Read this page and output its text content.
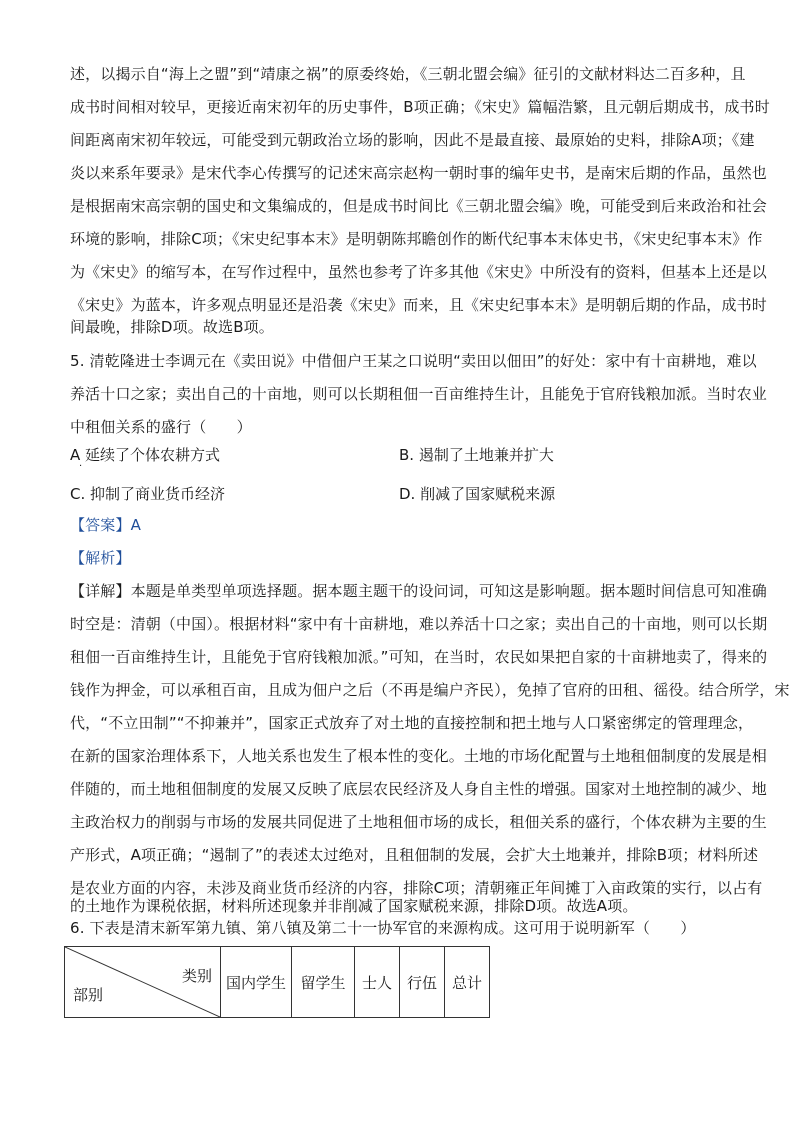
述，以揭示自“海上之盟”到“靖康之祸”的原委终始，《三朝北盟会编》征引的文献材料达二百多种，且
成书时间相对较早，更接近南宋初年的历史事件，B项正确；《宋史》篇幅浩繁，且元朝后期成书，成书时
间距离南宋初年较远，可能受到元朝政治立场的影响，因此不是最直接、最原始的史料，排除A项；《建
炎以来系年要录》是宋代李心传撰写的记述宋高宗赵构一朝时事的编年史书，是南宋后期的作品，虽然也
是根据南宋高宗朝的国史和文集编成的，但是成书时间比《三朝北盟会编》晚，可能受到后来政治和社会
环境的影响，排除C项；《宋史纪事本末》是明朝陈邦瞻创作的断代纪事本末体史书，《宋史纪事本末》作
为《宋史》的缩写本，在写作过程中，虽然也参考了许多其他《宋史》中所没有的资料，但基本上还是以
《宋史》为蓝本，许多观点明显还是沿袭《宋史》而来，且《宋史纪事本末》是明朝后期的作品，成书时
间最晚，排除D项。故选B项。
5. 清乾隆进士李调元在《卖田说》中借佃户王某之口说明“卖田以佃田”的好处：家中有十亩耕地，难以
养活十口之家；卖出自己的十亩地，则可以长期租佃一百亩维持生计，且能免于官府钱粮加派。当时农业
中租佃关系的盛行（　　）
A 延续了个体农耕方式
·
B. 遏制了土地兼并扩大
C. 抑制了商业货币经济	D. 削减了国家赋税来源
【答案】A
【解析】
【详解】本题是单类型单项选择题。据本题主题干的设问词，可知这是影响题。据本题时间信息可知准确
时空是：清朝（中国）。根据材料“家中有十亩耕地，难以养活十口之家；卖出自己的十亩地，则可以长期
租佃一百亩维持生计，且能免于官府钱粮加派。”可知，在当时，农民如果把自家的十亩耕地卖了，得来的
钱作为押金，可以承租百亩，且成为佃户之后（不再是编户齐民），免掉了官府的田租、徭役。结合所学，宋
代，“不立田制”“不抑兼并”，国家正式放弃了对土地的直接控制和把土地与人口紧密绑定的管理理念，
在新的国家治理体系下，人地关系也发生了根本性的变化。土地的市场化配置与土地租佃制度的发展是相
伴随的，而土地租佃制度的发展又反映了底层农民经济及人身自主性的增强。国家对土地控制的减少、地
主政治权力的削弱与市场的发展共同促进了土地租佃市场的成长，租佃关系的盛行，个体农耕为主要的生
产形式，A项正确；“遏制了”的表述太过绝对，且租佃制的发展，会扩大土地兼并，排除B项；材料所述
是农业方面的内容，未涉及商业货币经济的内容，排除C项；清朝雍正年间摊丁入亩政策的实行，以占有
的土地作为课税依据，材料所述现象并非削减了国家赋税来源，排除D项。故选A项。
6. 下表是清末新军第九镇、第八镇及第二十一协军官的来源构成。这可用于说明新军（　　）
类别
部别
	国内学生	留学生	士人	行伍	总计
